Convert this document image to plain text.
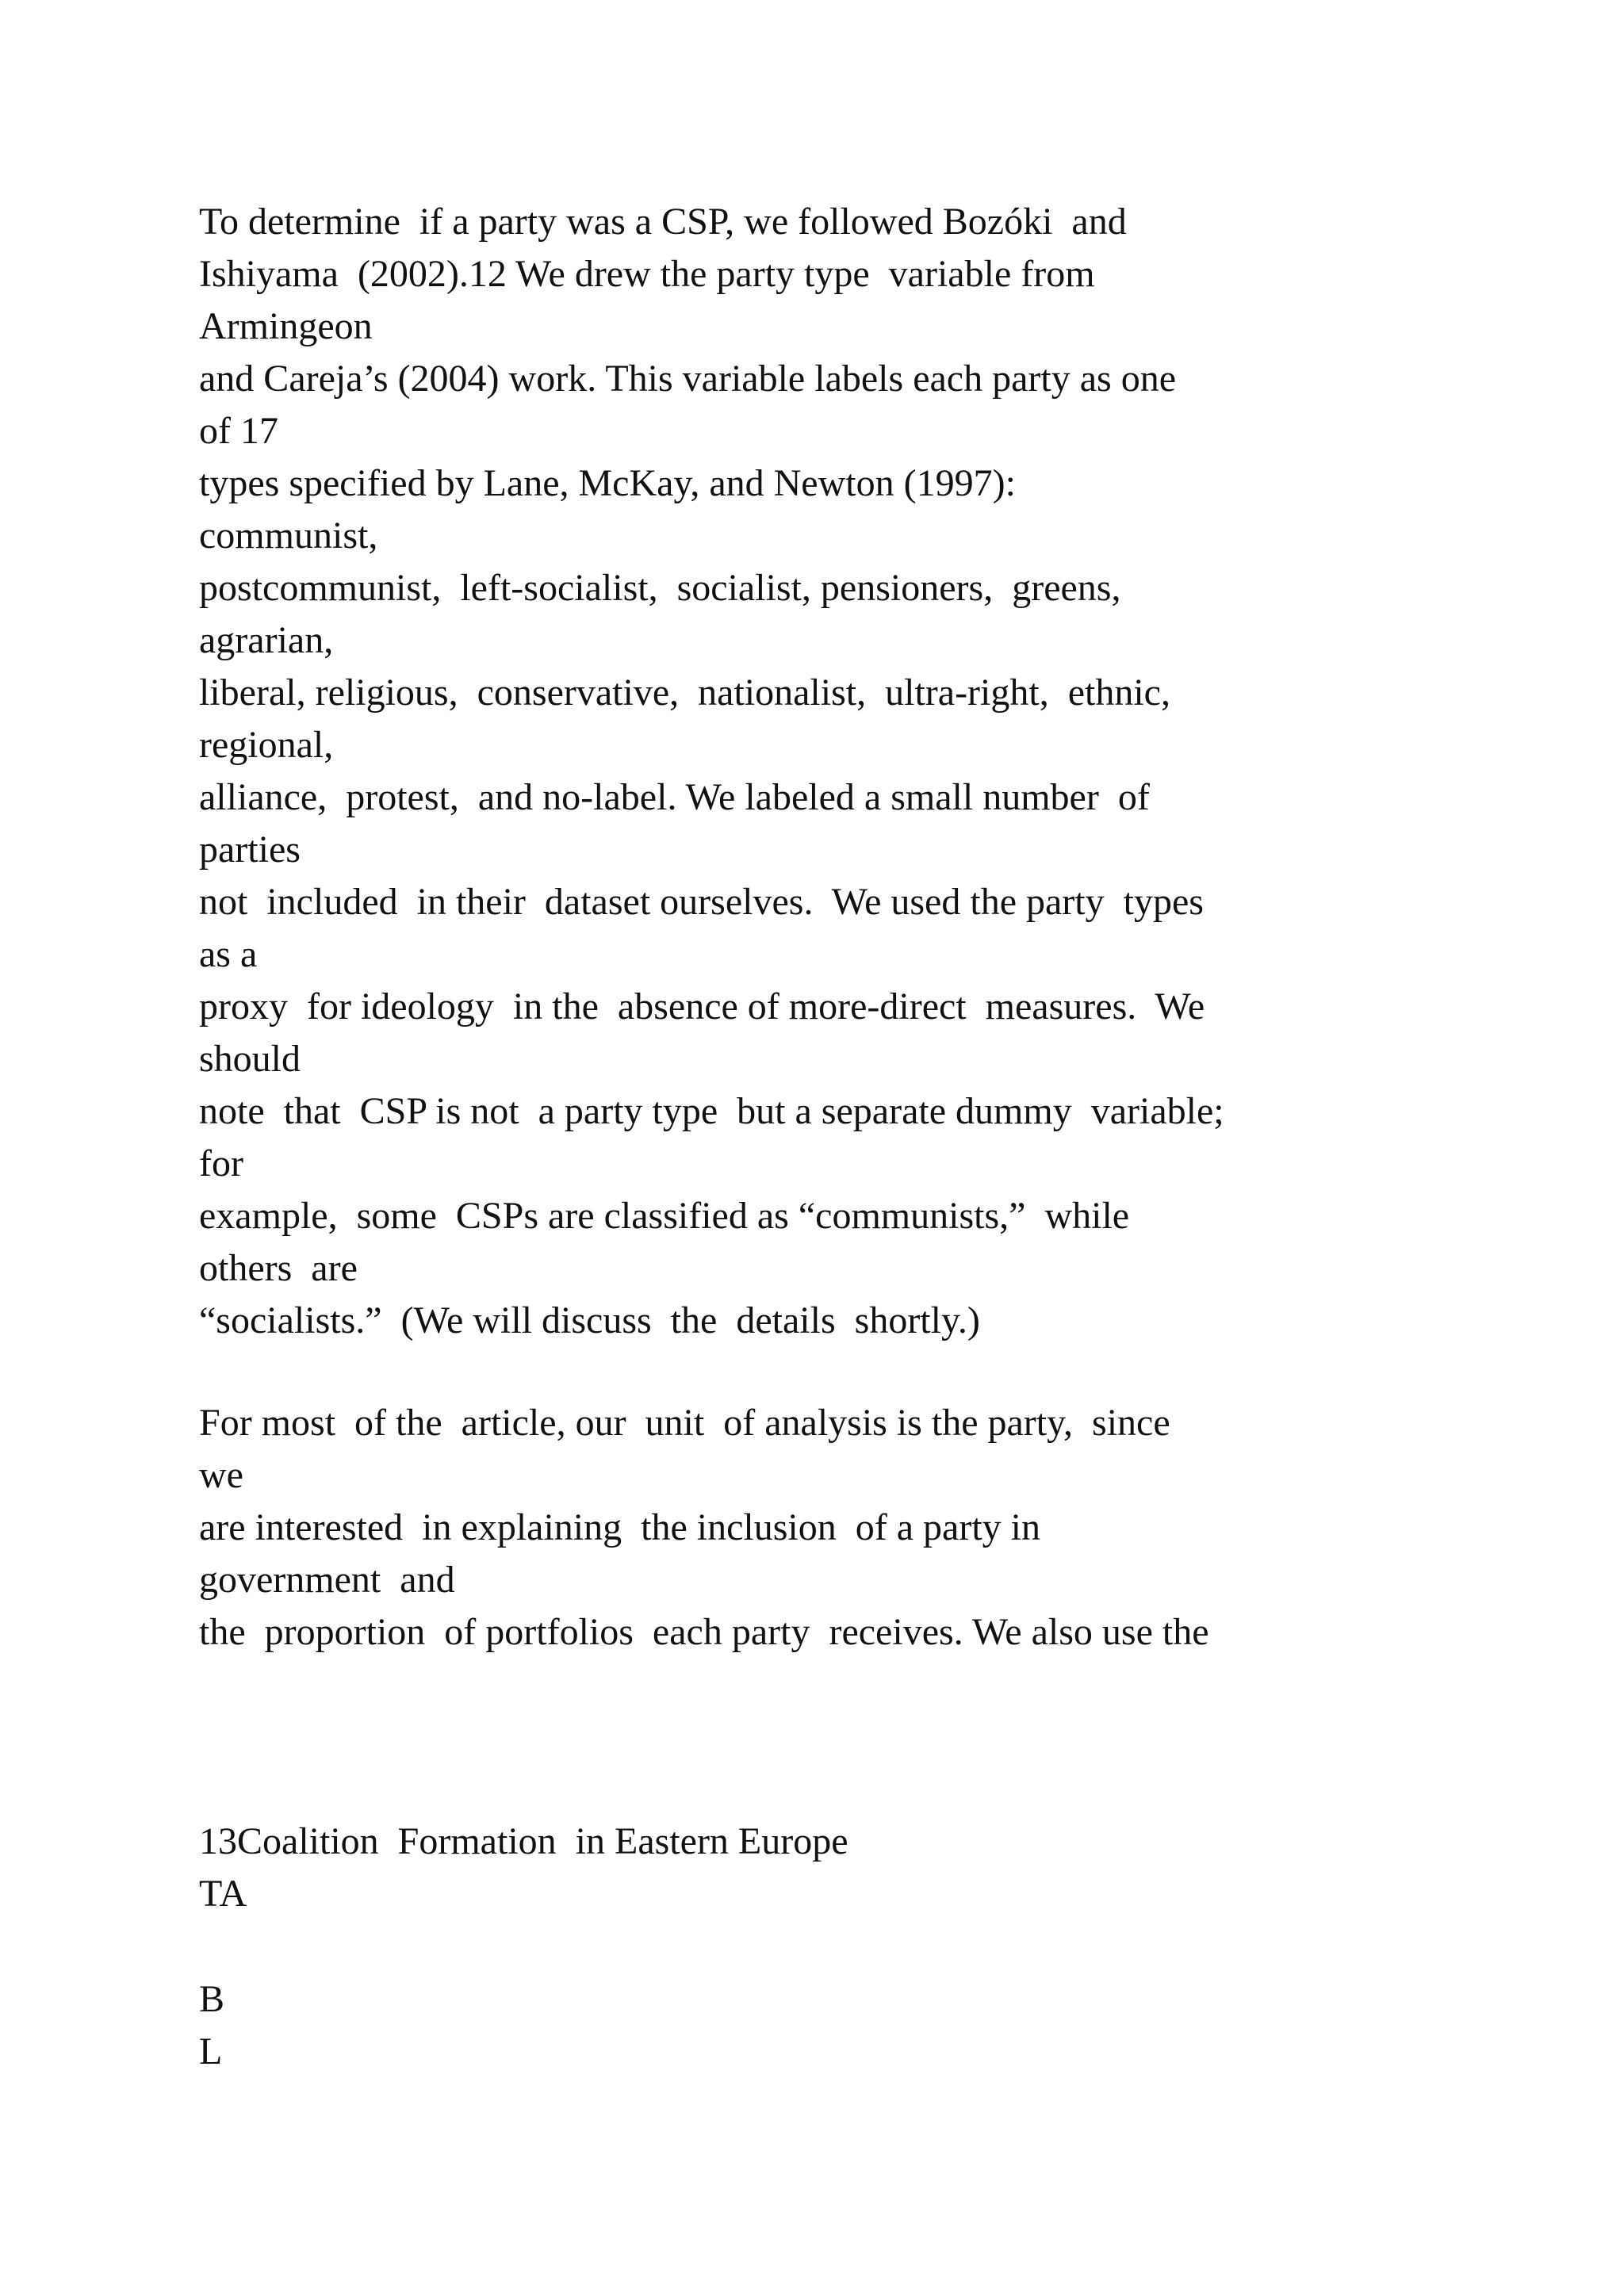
To determine  if a party was a CSP, we followed Bozóki  and
Ishiyama  (2002).12 We drew the party type  variable from
Armingeon
and Careja’s (2004) work. This variable labels each party as one
of 17
types specified by Lane, McKay, and Newton (1997):
communist,
postcommunist,  left-socialist,  socialist, pensioners,  greens,
agrarian,
liberal, religious,  conservative,  nationalist,  ultra-right,  ethnic,
regional,
alliance,  protest,  and no-label. We labeled a small number  of
parties
not  included  in their  dataset ourselves.  We used the party  types
as a
proxy  for ideology  in the  absence of more-direct  measures.  We
should
note  that  CSP is not  a party type  but a separate dummy  variable;
for
example,  some  CSPs are classified as “communists,”  while
others  are
“socialists.”  (We will discuss  the  details  shortly.)
For most  of the  article, our  unit  of analysis is the party,  since
we
are interested  in explaining  the inclusion  of a party in
government  and
the  proportion  of portfolios  each party  receives. We also use the
13Coalition  Formation  in Eastern Europe
TA
B
L
